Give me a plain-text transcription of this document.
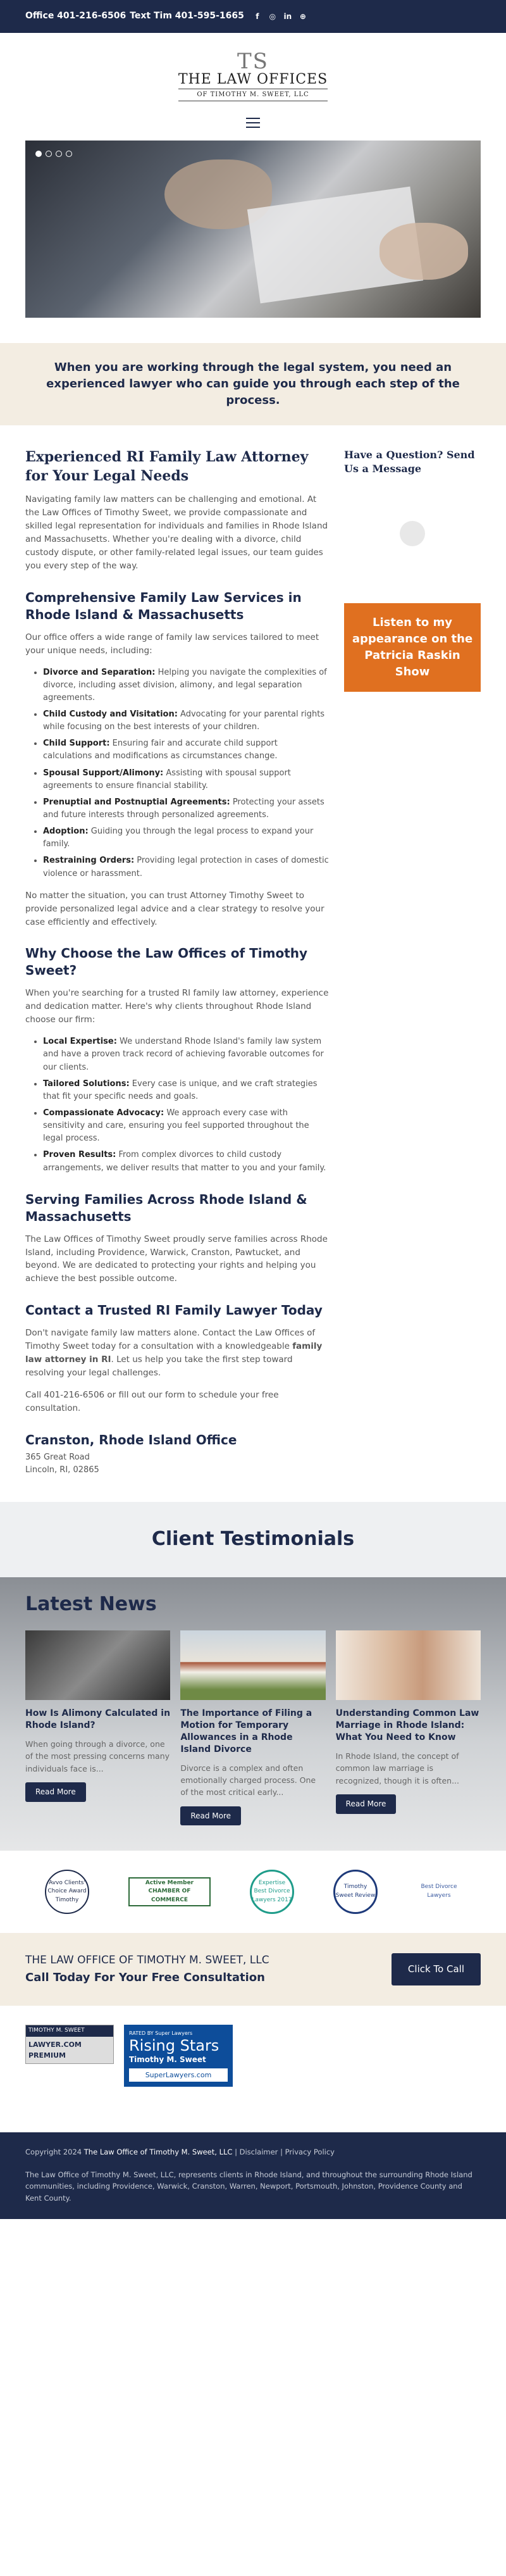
Office 401-216-6506 Text Tim 401-595-1665	f	◎ in ⊕
TS
THE LAW OFFICES
OF TIMOTHY M. SWEET, LLC
When you are working through the legal system, you need an experienced lawyer who can guide you through each step of the process.
Experienced RI Family Law Attorney for Your Legal Needs

Navigating family law matters can be challenging and emotional. At the Law Offices of Timothy Sweet, we provide compassionate and skilled legal representation for individuals and families in Rhode Island and Massachusetts. Whether you're dealing with a divorce, child custody dispute, or other family-related legal issues, our team guides you every step of the way.

Comprehensive Family Law Services in Rhode Island & Massachusetts

Our office offers a wide range of family law services tailored to meet your unique needs, including:

• Divorce and Separation: Helping you navigate the complexities of divorce, including asset division, alimony, and legal separation agreements.
• Child Custody and Visitation: Advocating for your parental rights while focusing on the best interests of your children.
• Child Support: Ensuring fair and accurate child support calculations and modifications as circumstances change.
• Spousal Support/Alimony: Assisting with spousal support agreements to ensure financial stability.
• Prenuptial and Postnuptial Agreements: Protecting your assets and future interests through personalized agreements.
• Adoption: Guiding you through the legal process to expand your family.
• Restraining Orders: Providing legal protection in cases of domestic violence or harassment.

No matter the situation, you can trust Attorney Timothy Sweet to provide personalized legal advice and a clear strategy to resolve your case efficiently and effectively.

Why Choose the Law Offices of Timothy Sweet?

When you're searching for a trusted RI family law attorney, experience and dedication matter. Here's why clients throughout Rhode Island choose our firm:

• Local Expertise: We understand Rhode Island's family law system and have a proven track record of achieving favorable outcomes for our clients.
• Tailored Solutions: Every case is unique, and we craft strategies that fit your specific needs and goals.
• Compassionate Advocacy: We approach every case with sensitivity and care, ensuring you feel supported throughout the legal process.
• Proven Results: From complex divorces to child custody arrangements, we deliver results that matter to you and your family.
Serving Families Across Rhode Island & Massachusetts

The Law Offices of Timothy Sweet proudly serve families across Rhode Island, including Providence, Warwick, Cranston, Pawtucket, and beyond. We are dedicated to protecting your rights and helping you achieve the best possible outcome.

Contact a Trusted RI Family Lawyer Today

Don't navigate family law matters alone. Contact the Law Offices of Timothy Sweet today for a consultation with a knowledgeable family law attorney in RI. Let us help you take the first step toward resolving your legal challenges.

Call 401-216-6506 or fill out our form to schedule your free consultation.

Cranston, Rhode Island Office

365 Great Road

Lincoln, RI, 02865

Have a Question? Send Us a Message
Listen to my appearance on the Patricia Raskin Show
Client Testimonials
Latest News
How Is Alimony Calculated in Rhode Island?

When going through a divorce, one of the most pressing concerns many individuals face is...

Read More
The Importance of Filing a Motion for Temporary Allowances in a Rhode Island Divorce

Divorce is a complex and often emotionally charged process. One of the most critical early...

Read More
Understanding Common Law Marriage in Rhode Island: What You Need to Know

In Rhode Island, the concept of common law marriage is recognized, though it is often...

Read More
Avvo Clients' Choice Award Timothy
Active Member CHAMBER OF COMMERCE
Expertise Best Divorce Lawyers 2017
Timothy Sweet Review
Best Divorce Lawyers
THE LAW OFFICE OF TIMOTHY M. SWEET, LLC
Call Today For Your Free Consultation
Click To Call
TIMOTHY M. SWEET
LAWYER.COM PREMIUM
RATED BY Super Lawyers
Rising Stars
Timothy M. Sweet
SuperLawyers.com
Copyright 2024 The Law Office of Timothy M. Sweet, LLC | Disclaimer | Privacy Policy
The Law Office of Timothy M. Sweet, LLC, represents clients in Rhode Island, and throughout the surrounding Rhode Island communities, including Providence, Warwick, Cranston, Warren, Newport, Portsmouth, Johnston, Providence County and Kent County.
